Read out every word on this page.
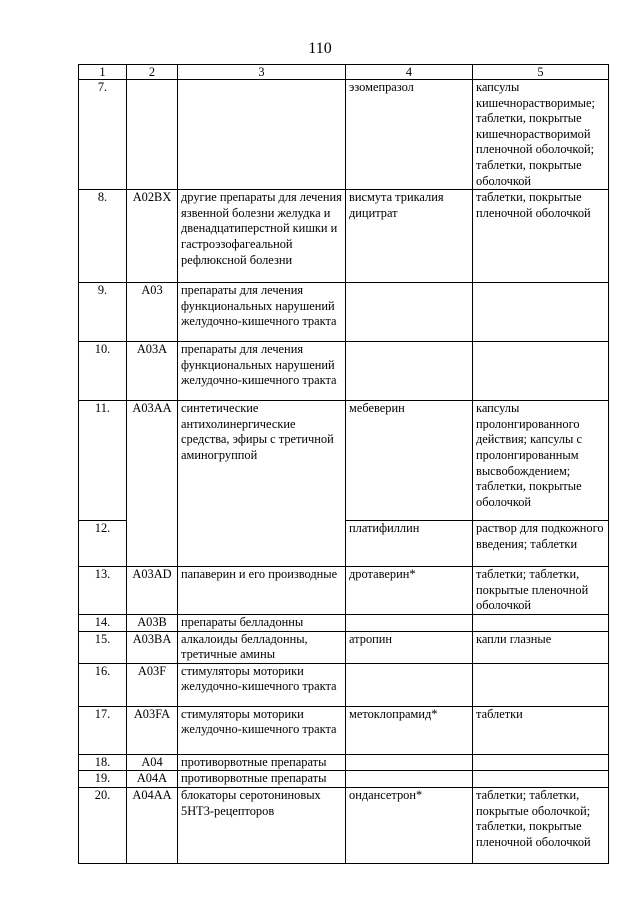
110
1	2	3	4	5
7.			эзомепразол	капсулы кишечнорастворимые; таблетки, покрытые кишечнорастворимой пленочной оболочкой; таблетки, покрытые оболочкой
8.	A02BX	другие препараты для лечения язвенной болезни желудка и двенадцатиперстной кишки и гастроэзофагеальной рефлюксной болезни	висмута трикалия дицитрат	таблетки, покрытые пленочной оболочкой
9.	A03	препараты для лечения функциональных нарушений желудочно-кишечного тракта		
10.	A03A	препараты для лечения функциональных нарушений желудочно-кишечного тракта		
11.	A03AA	синтетические антихолинергические средства, эфиры с третичной аминогруппой	мебеверин	капсулы пролонгированного действия; капсулы с пролонгированным высвобождением; таблетки, покрытые оболочкой
12.			платифиллин	раствор для подкожного введения; таблетки
13.	A03AD	папаверин и его производные	дротаверин*	таблетки; таблетки, покрытые пленочной оболочкой
14.	A03B	препараты белладонны		
15.	A03BA	алкалоиды белладонны, третичные амины	атропин	капли глазные
16.	A03F	стимуляторы моторики желудочно-кишечного тракта		
17.	A03FA	стимуляторы моторики желудочно-кишечного тракта	метоклопрамид*	таблетки
18.	A04	противорвотные препараты		
19.	A04A	противорвотные препараты		
20.	A04AA	блокаторы серотониновых 5НТ3-рецепторов	ондансетрон*	таблетки; таблетки, покрытые оболочкой; таблетки, покрытые пленочной оболочкой
